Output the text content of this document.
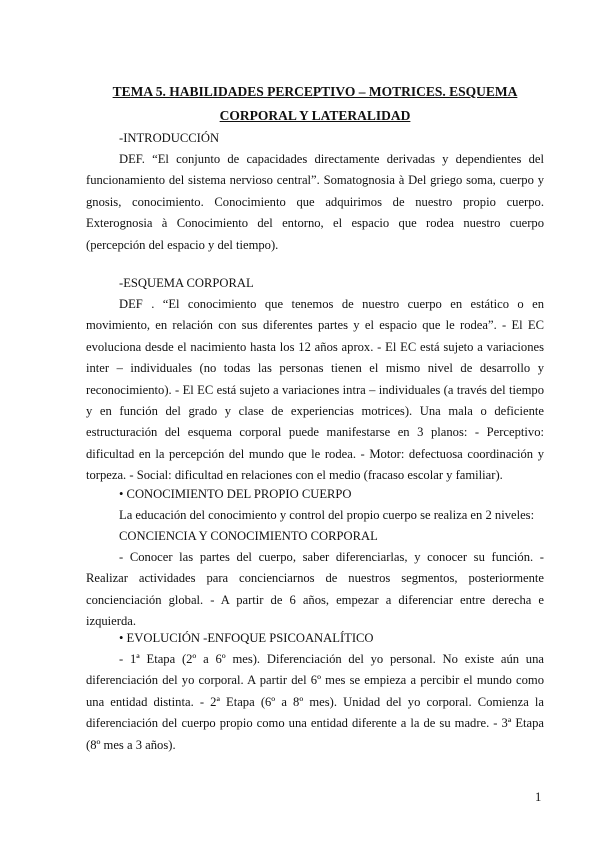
TEMA 5. HABILIDADES PERCEPTIVO – MOTRICES. ESQUEMA
CORPORAL Y LATERALIDAD

-INTRODUCCIÓN

DEF. “El conjunto de capacidades directamente derivadas y dependientes del funcionamiento del sistema nervioso central”. Somatognosia à Del griego soma, cuerpo y gnosis, conocimiento. Conocimiento que adquirimos de nuestro propio cuerpo. Exterognosia à Conocimiento del entorno, el espacio que rodea nuestro cuerpo (percepción del espacio y del tiempo).

-ESQUEMA CORPORAL

DEF . “El conocimiento que tenemos de nuestro cuerpo en estático o en movimiento, en relación con sus diferentes partes y el espacio que le rodea”. - El EC evoluciona desde el nacimiento hasta los 12 años aprox. - El EC está sujeto a variaciones inter – individuales (no todas las personas tienen el mismo nivel de desarrollo y reconocimiento). - El EC está sujeto a variaciones intra – individuales (a través del tiempo y en función del grado y clase de experiencias motrices). Una mala o deficiente estructuración del esquema corporal puede manifestarse en 3 planos: - Perceptivo: dificultad en la percepción del mundo que le rodea. - Motor: defectuosa coordinación y torpeza. - Social: dificultad en relaciones con el medio (fracaso escolar y familiar).

• CONOCIMIENTO DEL PROPIO CUERPO

La educación del conocimiento y control del propio cuerpo se realiza en 2 niveles:

CONCIENCIA Y CONOCIMIENTO CORPORAL

- Conocer las partes del cuerpo, saber diferenciarlas, y conocer su función. - Realizar actividades para concienciarnos de nuestros segmentos, posteriormente concienciación global. - A partir de 6 años, empezar a diferenciar entre derecha e izquierda.

• EVOLUCIÓN -ENFOQUE PSICOANALÍTICO

- 1ª Etapa (2º a 6º mes). Diferenciación del yo personal. No existe aún una diferenciación del yo corporal. A partir del 6º mes se empieza a percibir el mundo como una entidad distinta. - 2ª Etapa (6º a 8º mes). Unidad del yo corporal. Comienza la diferenciación del cuerpo propio como una entidad diferente a la de su madre. - 3ª Etapa (8º mes a 3 años).

1
